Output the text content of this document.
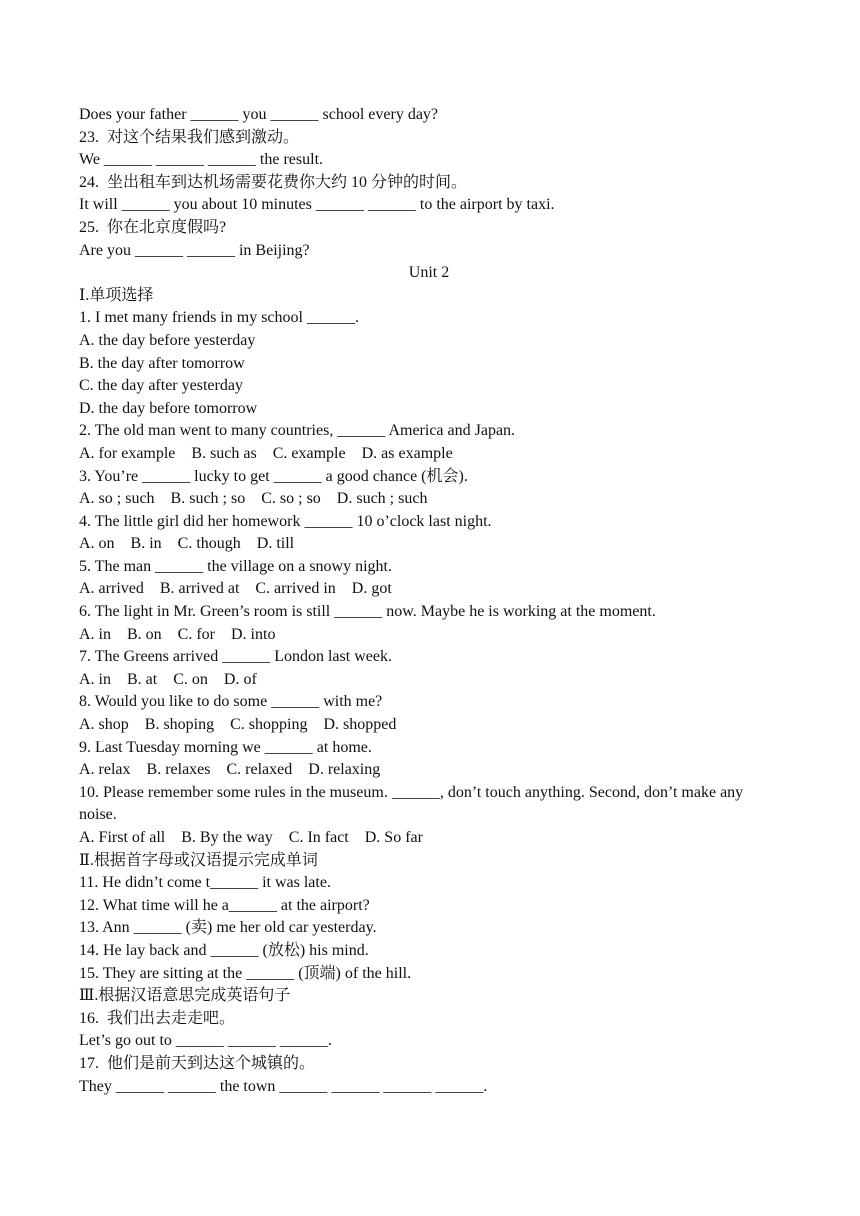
Does your father ______ you ______ school every day?
23.  对这个结果我们感到激动。
We ______ ______ ______ the result.
24.  坐出租车到达机场需要花费你大约 10 分钟的时间。
It will ______ you about 10 minutes ______ ______ to the airport by taxi.
25.  你在北京度假吗?
Are you ______ ______ in Beijing?
Unit 2
Ⅰ.单项选择
1. I met many friends in my school ______.
A. the day before yesterday
B. the day after tomorrow
C. the day after yesterday
D. the day before tomorrow
2. The old man went to many countries, ______ America and Japan.
A. for example    B. such as    C. example    D. as example
3. You’re ______ lucky to get ______ a good chance (机会).
A. so ; such    B. such ; so    C. so ; so    D. such ; such
4. The little girl did her homework ______ 10 o’clock last night.
A. on    B. in    C. though    D. till
5. The man ______ the village on a snowy night.
A. arrived    B. arrived at    C. arrived in    D. got
6. The light in Mr. Green’s room is still ______ now. Maybe he is working at the moment.
A. in    B. on    C. for    D. into
7. The Greens arrived ______ London last week.
A. in    B. at    C. on    D. of
8. Would you like to do some ______ with me?
A. shop    B. shoping    C. shopping    D. shopped
9. Last Tuesday morning we ______ at home.
A. relax    B. relaxes    C. relaxed    D. relaxing
10. Please remember some rules in the museum. ______, don’t touch anything. Second, don’t make any noise.
A. First of all    B. By the way    C. In fact    D. So far
Ⅱ.根据首字母或汉语提示完成单词
11. He didn’t come t______ it was late.
12. What time will he a______ at the airport?
13. Ann ______ (卖) me her old car yesterday.
14. He lay back and ______ (放松) his mind.
15. They are sitting at the ______ (顶端) of the hill.
Ⅲ.根据汉语意思完成英语句子
16.  我们出去走走吧。
Let’s go out to ______ ______ ______.
17.  他们是前天到达这个城镇的。
They ______ ______ the town ______ ______ ______ ______.
